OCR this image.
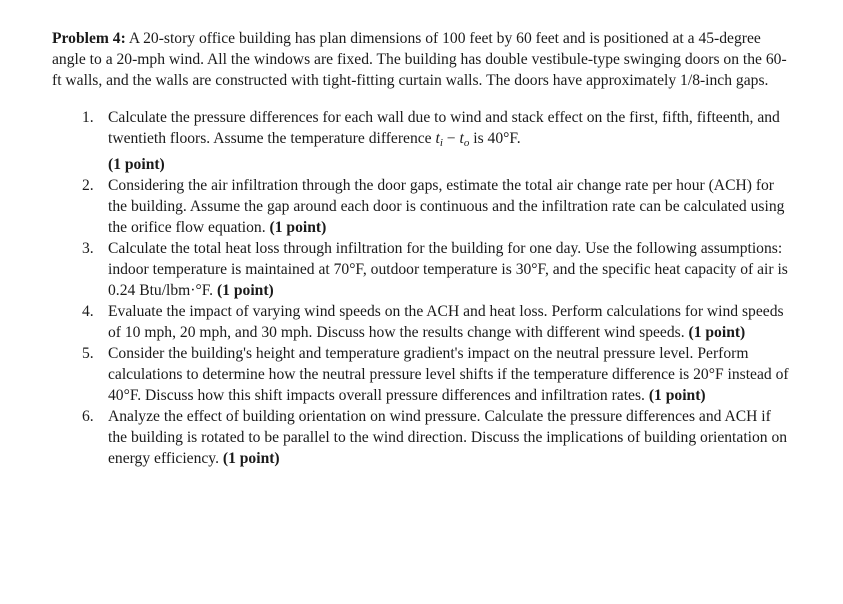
Problem 4: A 20-story office building has plan dimensions of 100 feet by 60 feet and is positioned at a 45-degree angle to a 20-mph wind. All the windows are fixed. The building has double vestibule-type swinging doors on the 60-ft walls, and the walls are constructed with tight-fitting curtain walls. The doors have approximately 1/8-inch gaps.

1. Calculate the pressure differences for each wall due to wind and stack effect on the first, fifth, fifteenth, and twentieth floors. Assume the temperature difference $t_i - t_o$ is 40°F.
(1 point)
2. Considering the air infiltration through the door gaps, estimate the total air change rate per hour (ACH) for the building. Assume the gap around each door is continuous and the infiltration rate can be calculated using the orifice flow equation. (1 point)
3. Calculate the total heat loss through infiltration for the building for one day. Use the following assumptions: indoor temperature is maintained at 70°F, outdoor temperature is 30°F, and the specific heat capacity of air is 0.24 Btu/lbm·°F. (1 point)
4. Evaluate the impact of varying wind speeds on the ACH and heat loss. Perform calculations for wind speeds of 10 mph, 20 mph, and 30 mph. Discuss how the results change with different wind speeds. (1 point)
5. Consider the building's height and temperature gradient's impact on the neutral pressure level. Perform calculations to determine how the neutral pressure level shifts if the temperature difference is 20°F instead of 40°F. Discuss how this shift impacts overall pressure differences and infiltration rates. (1 point)
6. Analyze the effect of building orientation on wind pressure. Calculate the pressure differences and ACH if the building is rotated to be parallel to the wind direction. Discuss the implications of building orientation on energy efficiency. (1 point)
